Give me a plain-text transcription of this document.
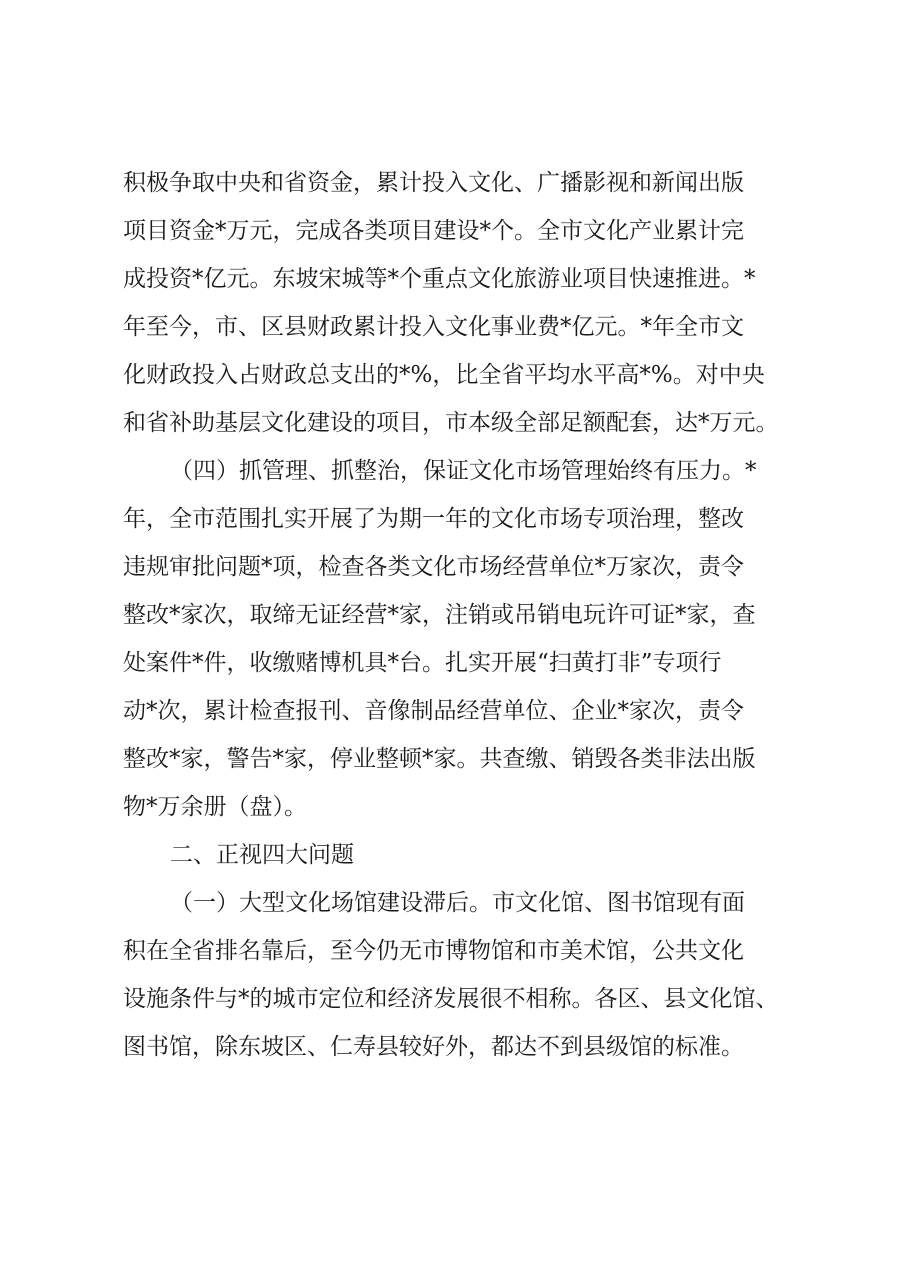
积极争取中央和省资金，累计投入文化、广播影视和新闻出版
项目资金*万元，完成各类项目建设*个。全市文化产业累计完
成投资*亿元。东坡宋城等*个重点文化旅游业项目快速推进。*
年至今，市、区县财政累计投入文化事业费*亿元。*年全市文
化财政投入占财政总支出的*%，比全省平均水平高*%。对中央
和省补助基层文化建设的项目，市本级全部足额配套，达*万元。
（四）抓管理、抓整治，保证文化市场管理始终有压力。*
年，全市范围扎实开展了为期一年的文化市场专项治理，整改
违规审批问题*项，检查各类文化市场经营单位*万家次，责令
整改*家次，取缔无证经营*家，注销或吊销电玩许可证*家，查
处案件*件，收缴赌博机具*台。扎实开展“扫黄打非”专项行
动*次，累计检查报刊、音像制品经营单位、企业*家次，责令
整改*家，警告*家，停业整顿*家。共查缴、销毁各类非法出版
物*万余册（盘）。
二、正视四大问题
（一）大型文化场馆建设滞后。市文化馆、图书馆现有面
积在全省排名靠后，至今仍无市博物馆和市美术馆，公共文化
设施条件与*的城市定位和经济发展很不相称。各区、县文化馆、
图书馆，除东坡区、仁寿县较好外，都达不到县级馆的标准。
